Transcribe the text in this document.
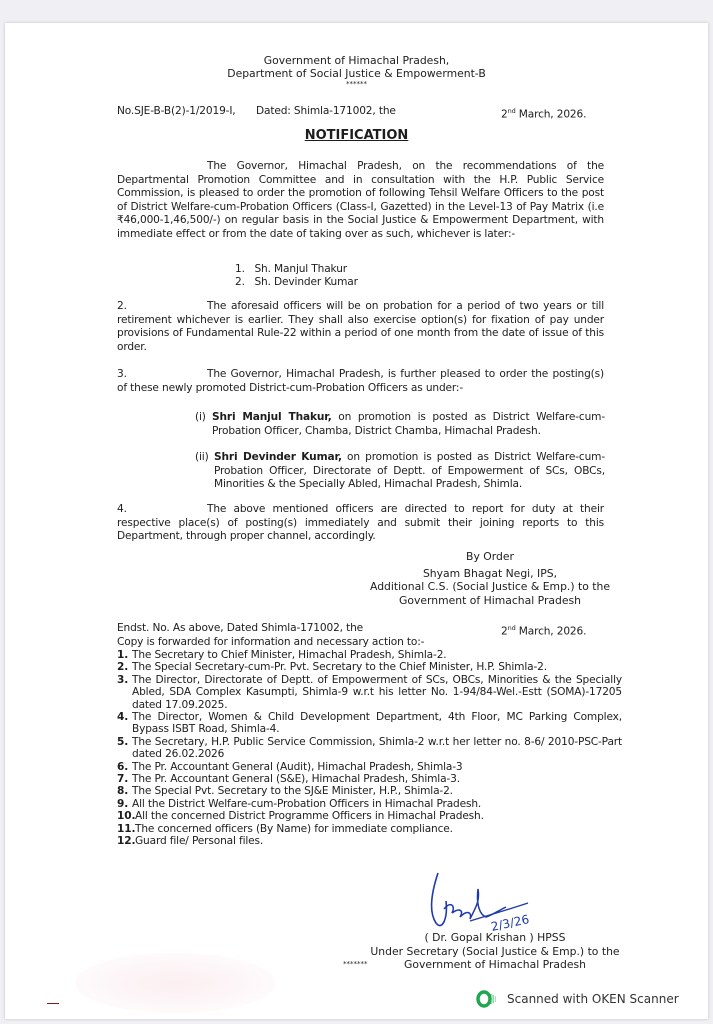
Government of Himachal Pradesh,
Department of Social Justice & Empowerment-B
******
No.SJE-B-B(2)-1/2019-I, Dated: Shimla-171002, the	2nd March, 2026.
NOTIFICATION
The Governor, Himachal Pradesh, on the recommendations of the Departmental Promotion Committee and in consultation with the H.P. Public Service Commission, is pleased to order the promotion of following Tehsil Welfare Officers to the post of District Welfare-cum-Probation Officers (Class-I, Gazetted) in the Level-13 of Pay Matrix (i.e ₹46,000-1,46,500/-) on regular basis in the Social Justice & Empowerment Department, with immediate effect or from the date of taking over as such, whichever is later:-
1. Sh. Manjul Thakur
2. Sh. Devinder Kumar
2.	The aforesaid officers will be on probation for a period of two years or till retirement whichever is earlier. They shall also exercise option(s) for fixation of pay under provisions of Fundamental Rule-22 within a period of one month from the date of issue of this order.
3.	The Governor, Himachal Pradesh, is further pleased to order the posting(s) of these newly promoted District-cum-Probation Officers as under:-
(i) Shri Manjul Thakur, on promotion is posted as District Welfare-cum-Probation Officer, Chamba, District Chamba, Himachal Pradesh.
(ii) Shri Devinder Kumar, on promotion is posted as District Welfare-cum-Probation Officer, Directorate of Deptt. of Empowerment of SCs, OBCs, Minorities & the Specially Abled, Himachal Pradesh, Shimla.
4.	The above mentioned officers are directed to report for duty at their respective place(s) of posting(s) immediately and submit their joining reports to this Department, through proper channel, accordingly.
By Order
Shyam Bhagat Negi, IPS,
Additional C.S. (Social Justice & Emp.) to the
Government of Himachal Pradesh
Endst. No. As above, Dated Shimla-171002, the	2nd March, 2026.
Copy is forwarded for information and necessary action to:-
1. The Secretary to Chief Minister, Himachal Pradesh, Shimla-2.
2. The Special Secretary-cum-Pr. Pvt. Secretary to the Chief Minister, H.P. Shimla-2.
3. The Director, Directorate of Deptt. of Empowerment of SCs, OBCs, Minorities & the Specially Abled, SDA Complex Kasumpti, Shimla-9 w.r.t his letter No. 1-94/84-Wel.-Estt (SOMA)-17205 dated 17.09.2025.
4. The Director, Women & Child Development Department, 4th Floor, MC Parking Complex, Bypass ISBT Road, Shimla-4.
5. The Secretary, H.P. Public Service Commission, Shimla-2 w.r.t her letter no. 8-6/ 2010-PSC-Part dated 26.02.2026
6. The Pr. Accountant General (Audit), Himachal Pradesh, Shimla-3
7. The Pr. Accountant General (S&E), Himachal Pradesh, Shimla-3.
8. The Special Pvt. Secretary to the SJ&E Minister, H.P., Shimla-2.
9. All the District Welfare-cum-Probation Officers in Himachal Pradesh.
10. All the concerned District Programme Officers in Himachal Pradesh.
11. The concerned officers (By Name) for immediate compliance.
12. Guard file/ Personal files.
2/3/26
( Dr. Gopal Krishan ) HPSS
Under Secretary (Social Justice & Emp.) to the
Government of Himachal Pradesh
*******
Scanned with OKEN Scanner
